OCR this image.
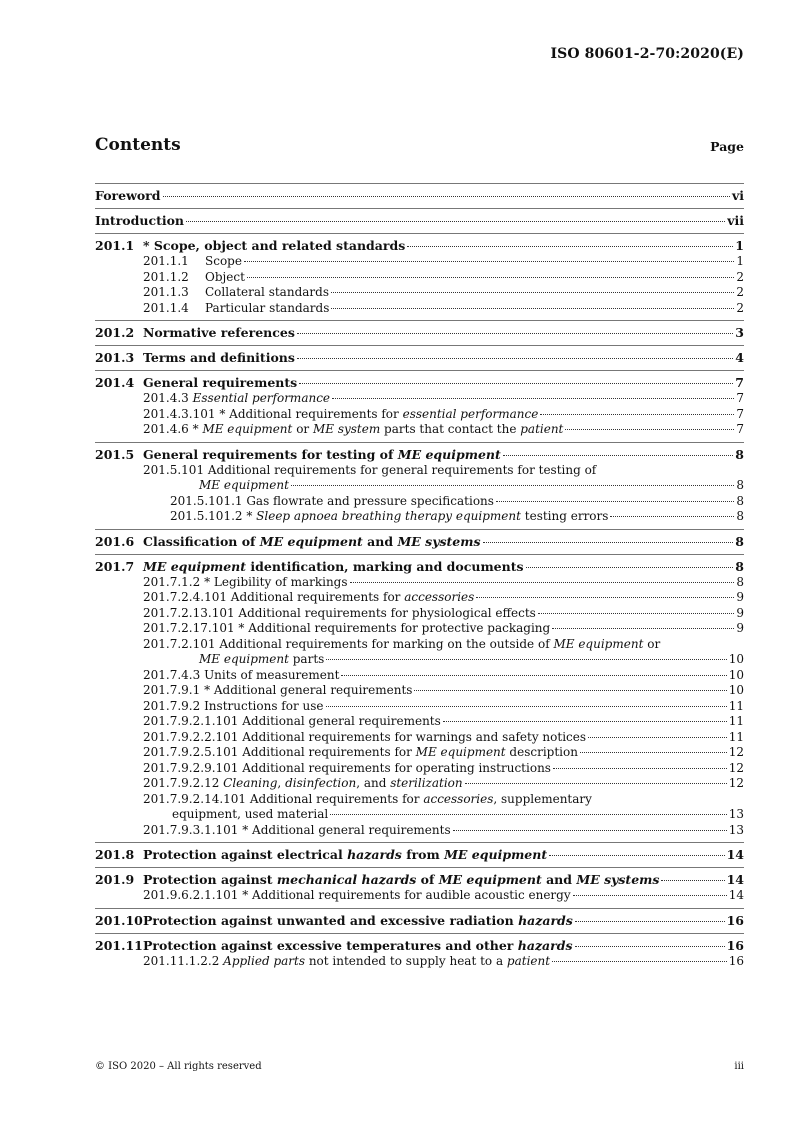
ISO 80601-2-70:2020(E)
Contents	Page
Foreword	vi
Introduction	vii
201.1 * Scope, object and related standards	1
201.1.1	Scope	1
201.1.2	Object	2
201.1.3	Collateral standards	2
201.1.4	Particular standards	2
201.2 Normative references	3
201.3 Terms and definitions	4
201.4 General requirements	7
201.4.3 Essential performance	7
201.4.3.101 * Additional requirements for essential performance	7
201.4.6 * ME equipment or ME system parts that contact the patient	7
201.5 General requirements for testing of ME equipment	8
201.5.101 Additional requirements for general requirements for testing of
ME equipment	8
201.5.101.1 Gas flowrate and pressure specifications	8
201.5.101.2 * Sleep apnoea breathing therapy equipment testing errors	8
201.6 Classification of ME equipment and ME systems	8
201.7 ME equipment identification, marking and documents	8
201.7.1.2 * Legibility of markings	8
201.7.2.4.101 Additional requirements for accessories	9
201.7.2.13.101 Additional requirements for physiological effects	9
201.7.2.17.101 * Additional requirements for protective packaging	9
201.7.2.101 Additional requirements for marking on the outside of ME equipment or
ME equipment parts	10
201.7.4.3 Units of measurement	10
201.7.9.1 * Additional general requirements	10
201.7.9.2 Instructions for use	11
201.7.9.2.1.101 Additional general requirements	11
201.7.9.2.2.101 Additional requirements for warnings and safety notices	11
201.7.9.2.5.101 Additional requirements for ME equipment description	12
201.7.9.2.9.101 Additional requirements for operating instructions	12
201.7.9.2.12 Cleaning, disinfection, and sterilization	12
201.7.9.2.14.101 Additional requirements for accessories, supplementary
equipment, used material	13
201.7.9.3.1.101 * Additional general requirements	13
201.8 Protection against electrical hazards from ME equipment	14
201.9 Protection against mechanical hazards of ME equipment and ME systems	14
201.9.6.2.1.101 * Additional requirements for audible acoustic energy	14
201.10 Protection against unwanted and excessive radiation hazards	16
201.11 Protection against excessive temperatures and other hazards	16
201.11.1.2.2 Applied parts not intended to supply heat to a patient	16
© ISO 2020 – All rights reserved	iii
